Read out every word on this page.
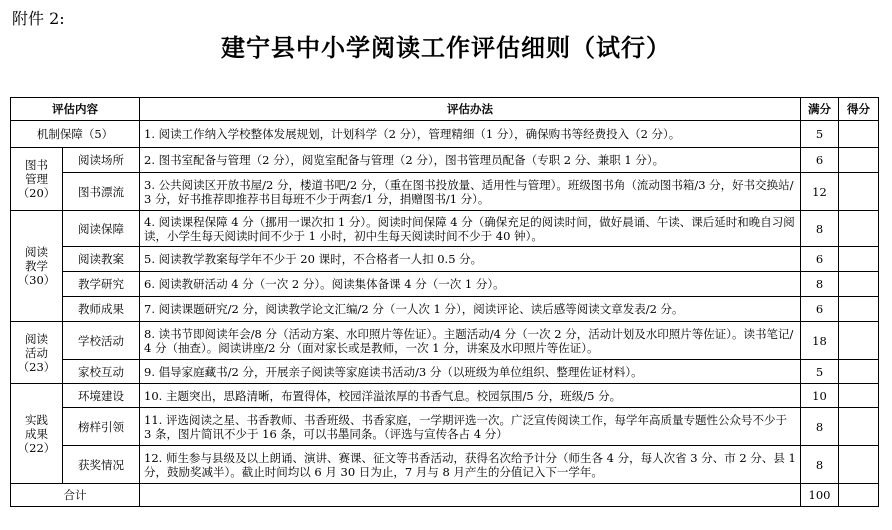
附件 2:
建宁县中小学阅读工作评估细则（试行）
评估内容		评估办法	满分	得分
机制保障（5）		1. 阅读工作纳入学校整体发展规划，计划科学（2 分），管理精细（1 分），确保购书等经费投入（2 分）。	5	
图书
管理
（20）	阅读场所	2. 图书室配备与管理（2 分），阅览室配备与管理（2 分），图书管理员配备（专职 2 分、兼职 1 分）。	6	
	图书漂流	3. 公共阅读区开放书屋/2 分，楼道书吧/2 分，（重在图书投放量、适用性与管理）。班级图书角（流动图书箱/3 分，好书交换站/3 分，好书推荐即推荐书目每班不少于两套/1 分，捐赠图书/1 分）。	12	
阅读
教学
（30）	阅读保障	4. 阅读课程保障 4 分（挪用一课次扣 1 分）。阅读时间保障 4 分（确保充足的阅读时间，做好晨诵、午读、课后延时和晚自习阅读，小学生每天阅读时间不少于 1 小时，初中生每天阅读时间不少于 40 钟）。	8	
	阅读教案	5. 阅读教学教案每学年不少于 20 课时，不合格者一人扣 0.5 分。	6	
	教学研究	6. 阅读教研活动 4 分（一次 2 分）。阅读集体备课 4 分（一次 1 分）。	8	
	教师成果	7. 阅读课题研究/2 分，阅读教学论文汇编/2 分（一人次 1 分），阅读评论、读后感等阅读文章发表/2 分。	6	
阅读
活动
（23）	学校活动	8. 读书节即阅读年会/8 分（活动方案、水印照片等佐证）。主题活动/4 分（一次 2 分，活动计划及水印照片等佐证）。读书笔记/4 分（抽查）。阅读讲座/2 分（面对家长或是教师，一次 1 分，讲案及水印照片等佐证）。	18	
	家校互动	9. 倡导家庭藏书/2 分，开展亲子阅读等家庭读书活动/3 分（以班级为单位组织、整理佐证材料）。	5	
实践
成果
（22）	环境建设	10. 主题突出，思路清晰，布置得体，校园洋溢浓厚的书香气息。校园氛围/5 分，班级/5 分。	10	
	榜样引领	11. 评选阅读之星、书香教师、书香班级、书香家庭，一学期评选一次。广泛宣传阅读工作，每学年高质量专题性公众号不少于 3 条，图片简讯不少于 16 条，可以书墨同条。（评选与宣传各占 4 分）	8	
	获奖情况	12. 师生参与县级及以上朗诵、演讲、赛课、征文等书香活动，获得名次给予计分（师生各 4 分，每人次省 3 分、市 2 分、县 1 分，鼓励奖减半）。截止时间均以 6 月 30 日为止，7 月与 8 月产生的分值记入下一学年。	8	
合计			100	
